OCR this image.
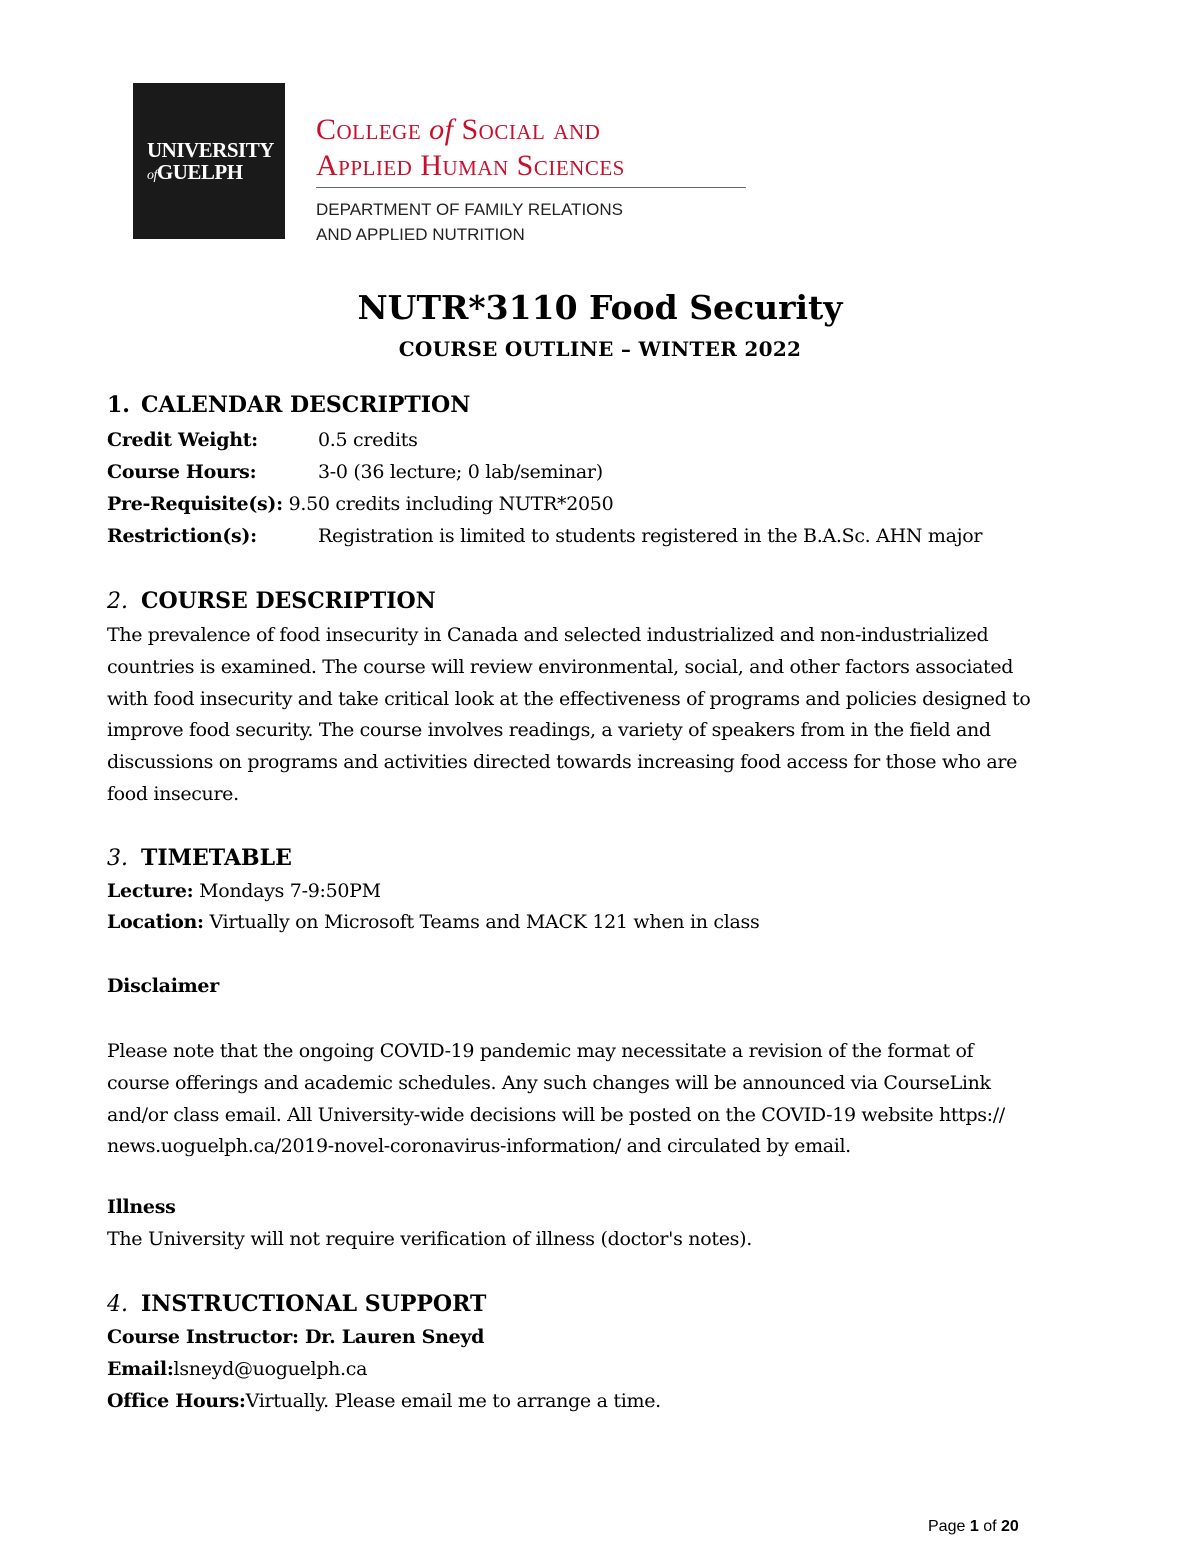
UNIVERSITY
ofGUELPH
College of Social and
Applied Human Sciences
DEPARTMENT OF FAMILY RELATIONS
AND APPLIED NUTRITION
NUTR*3110 Food Security
COURSE OUTLINE – WINTER 2022
1. CALENDAR DESCRIPTION
Credit Weight:	0.5 credits
Course Hours:	3-0 (36 lecture; 0 lab/seminar)
Pre-Requisite(s): 9.50 credits including NUTR*2050
Restriction(s):	Registration is limited to students registered in the B.A.Sc. AHN major
2. COURSE DESCRIPTION
The prevalence of food insecurity in Canada and selected industrialized and non-industrialized
countries is examined. The course will review environmental, social, and other factors associated
with food insecurity and take critical look at the effectiveness of programs and policies designed to
improve food security. The course involves readings, a variety of speakers from in the field and
discussions on programs and activities directed towards increasing food access for those who are
food insecure.
3. TIMETABLE
Lecture: Mondays 7-9:50PM
Location: Virtually on Microsoft Teams and MACK 121 when in class
Disclaimer
Please note that the ongoing COVID-19 pandemic may necessitate a revision of the format of
course offerings and academic schedules. Any such changes will be announced via CourseLink
and/or class email. All University-wide decisions will be posted on the COVID-19 website https://
news.uoguelph.ca/2019-novel-coronavirus-information/ and circulated by email.
Illness
The University will not require verification of illness (doctor's notes).
4. INSTRUCTIONAL SUPPORT
Course Instructor: Dr. Lauren Sneyd
Email:lsneyd@uoguelph.ca
Office Hours:Virtually. Please email me to arrange a time.
Page 1 of 20
